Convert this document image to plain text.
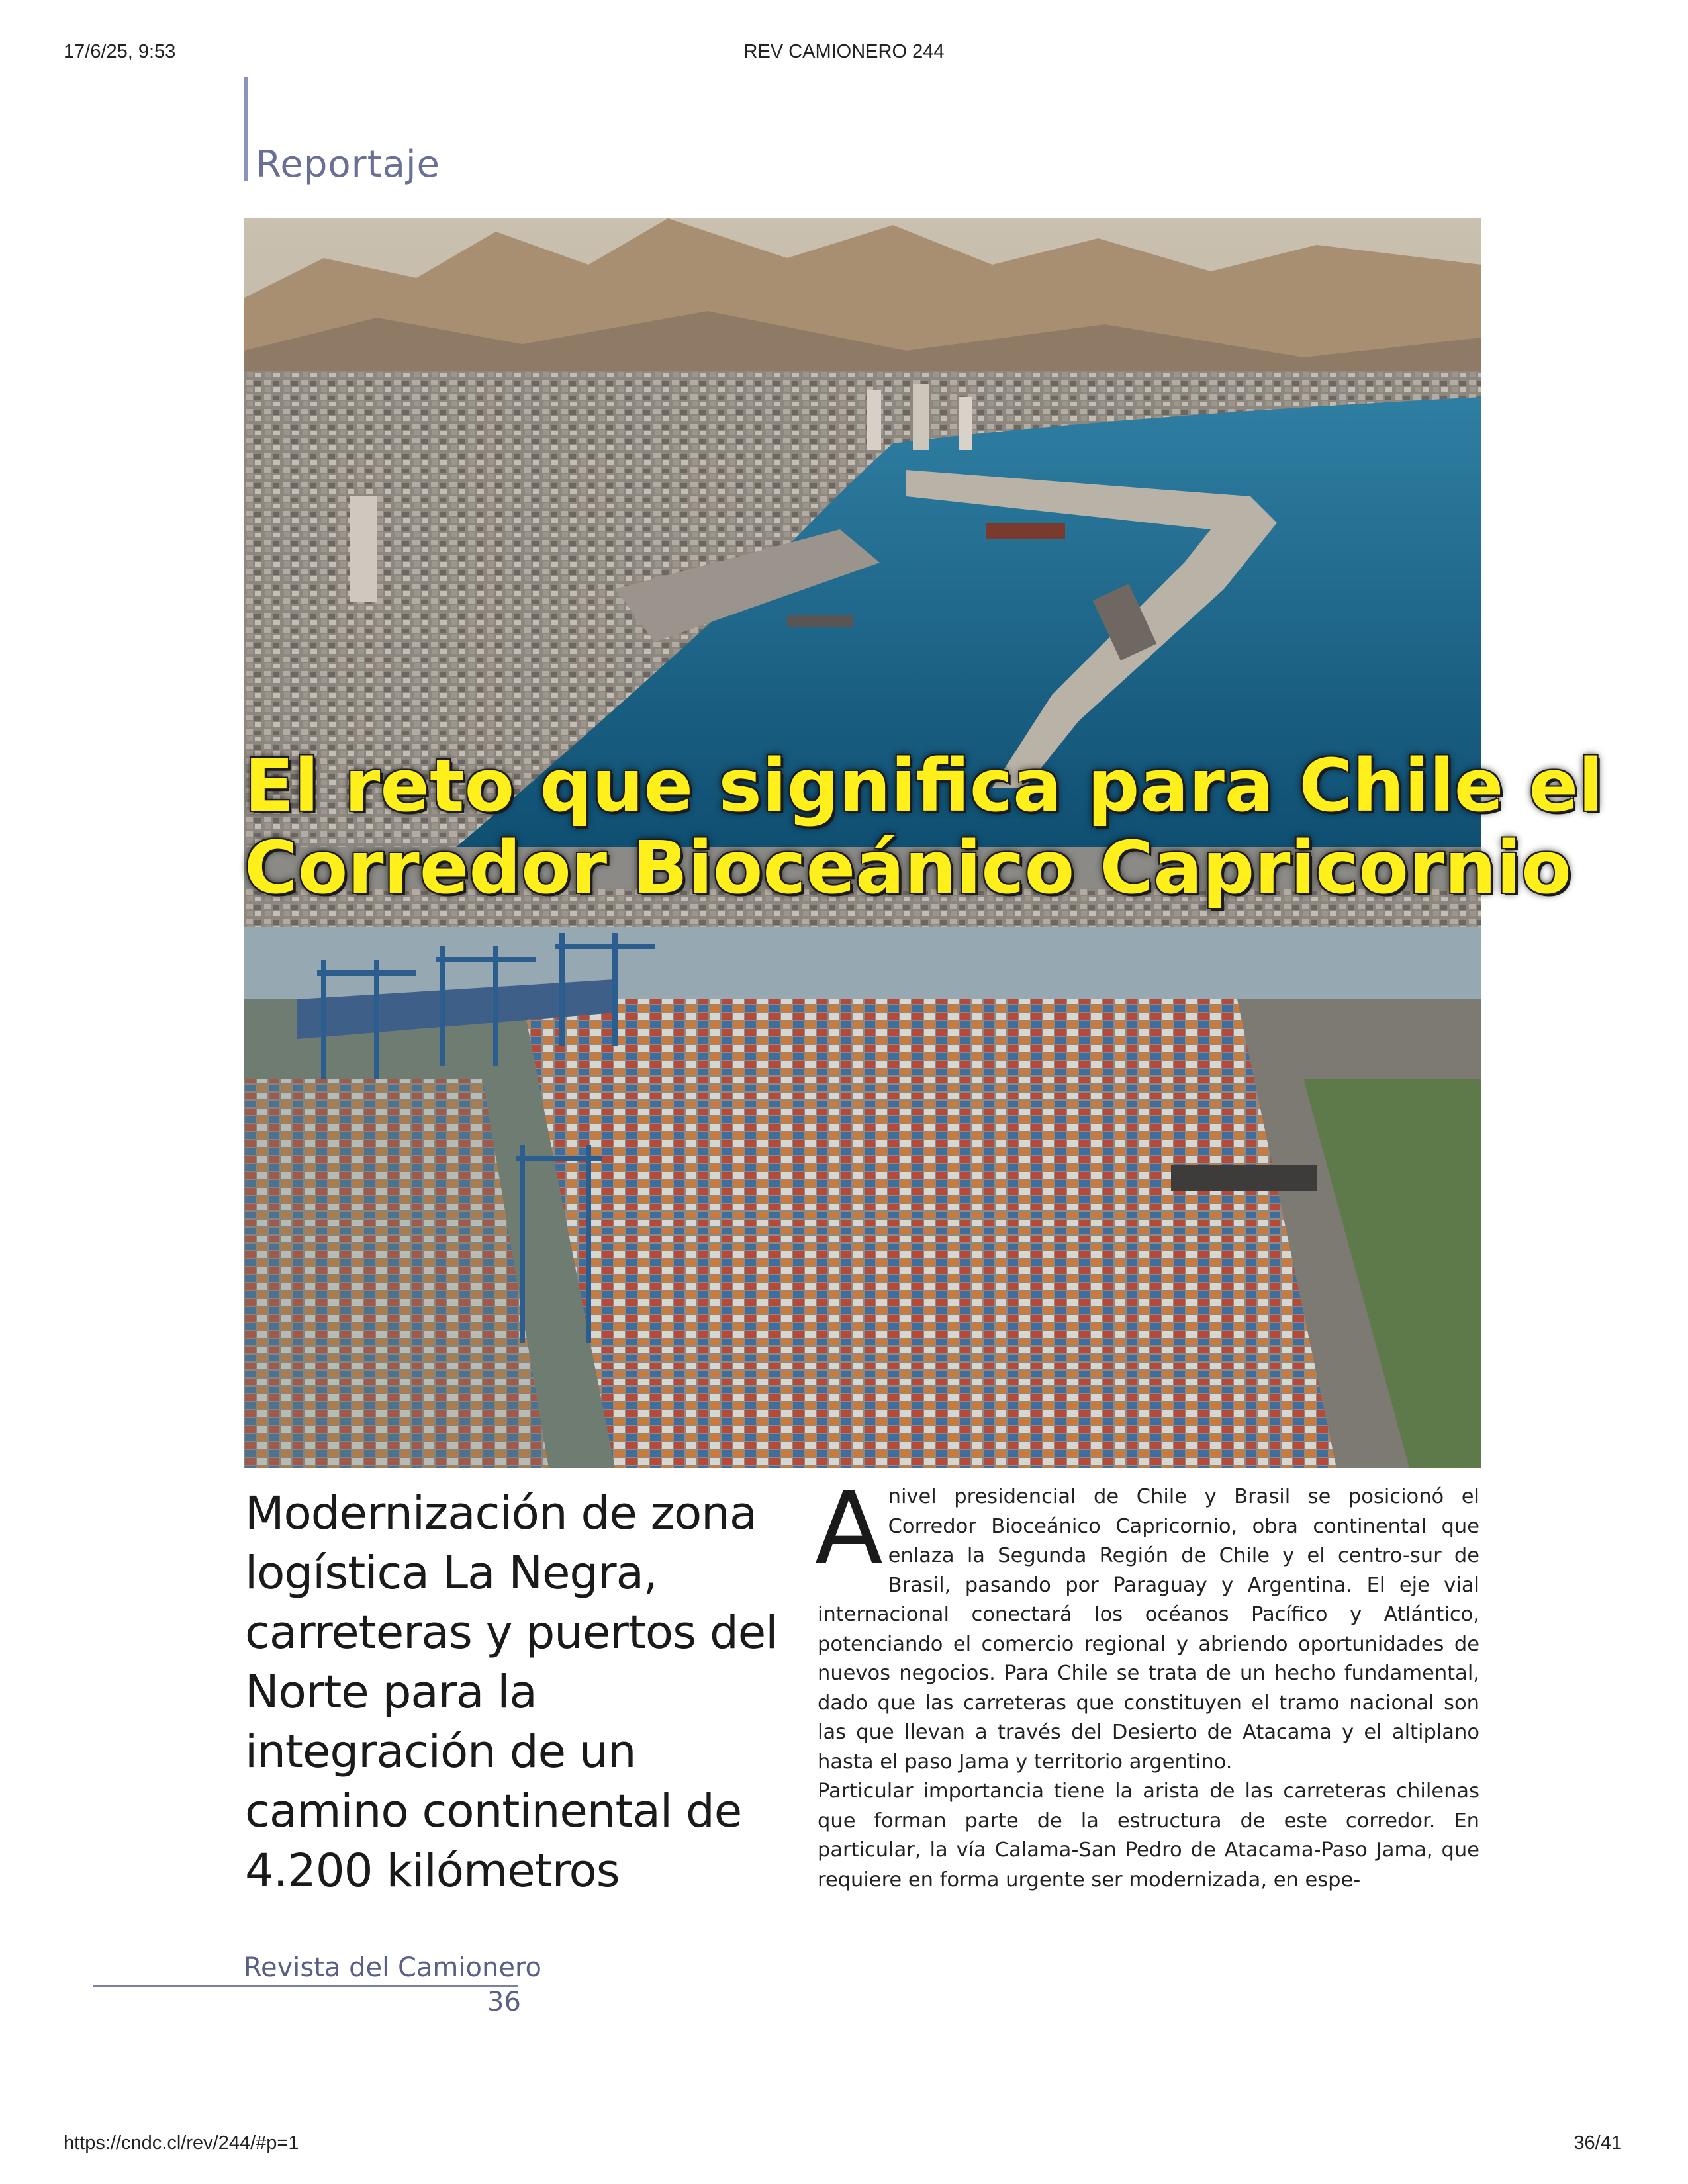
17/6/25, 9:53	REV CAMIONERO 244
Reportaje
El reto que significa para Chile el
Corredor Bioceánico Capricornio
Modernización de zona logística La Negra, carreteras y puertos del Norte para la integración de un camino continental de 4.200 kilómetros

Anivel presidencial de Chile y Brasil se posicionó el Corredor Bioceánico Capricornio, obra continental que enlaza la Segunda Región de Chile y el centro-sur de Brasil, pasando por Paraguay y Argentina. El eje vial internacional conectará los océanos Pacífico y Atlántico, potenciando el comercio regional y abriendo oportunidades de nuevos negocios. Para Chile se trata de un hecho fundamental, dado que las carreteras que constituyen el tramo nacional son las que llevan a través del Desierto de Atacama y el altiplano hasta el paso Jama y territorio argentino.

Particular importancia tiene la arista de las carreteras chilenas que forman parte de la estructura de este corredor. En particular, la vía Calama-San Pedro de Atacama-Paso Jama, que requiere en forma urgente ser modernizada, en espe-

Revista del Camionero
36
https://cndc.cl/rev/244/#p=1	36/41
